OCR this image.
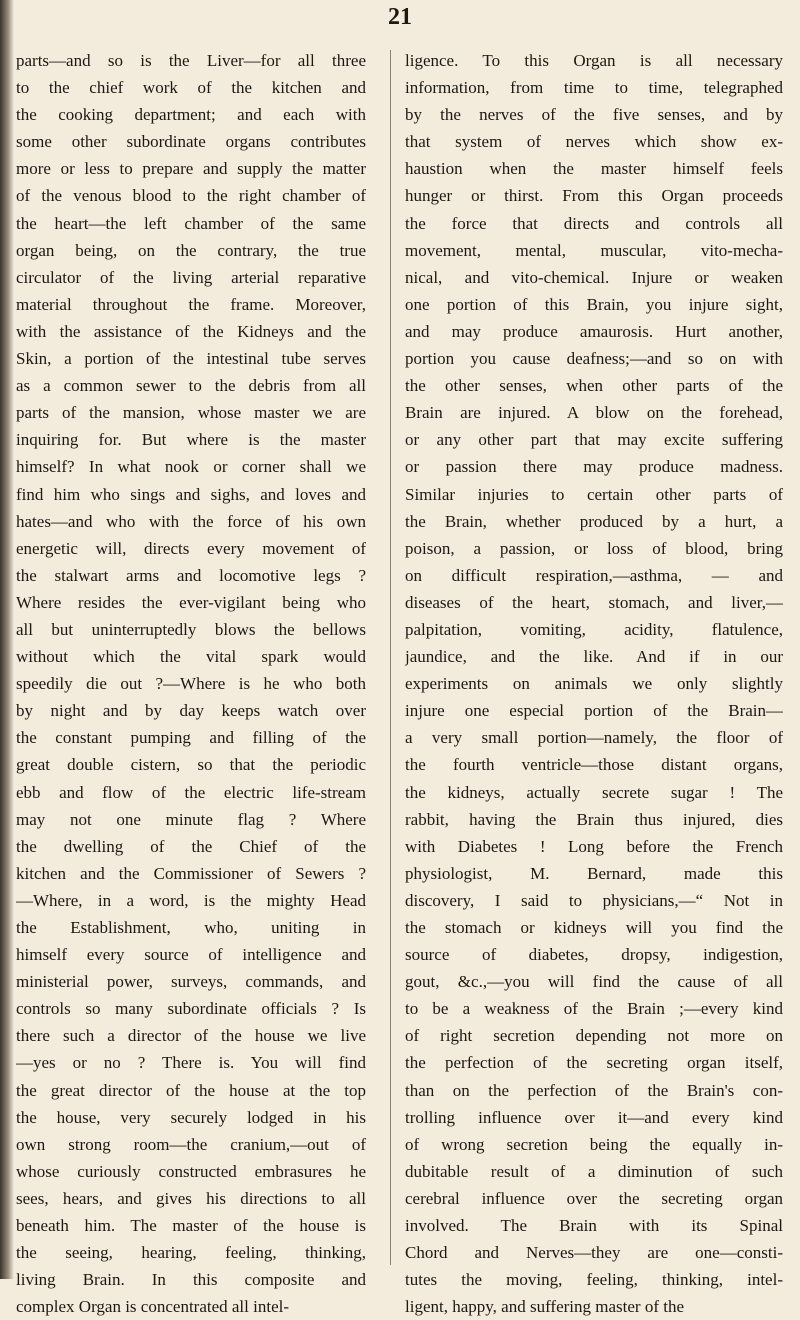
21
parts—and so is the Liver—for all three
to the chief work of the kitchen and
the cooking department; and each with
some other subordinate organs contributes
more or less to prepare and supply the matter
of the venous blood to the right chamber of
the heart—the left chamber of the same
organ being, on the contrary, the true
circulator of the living arterial reparative
material throughout the frame. Moreover,
with the assistance of the Kidneys and the
Skin, a portion of the intestinal tube serves
as a common sewer to the debris from all
parts of the mansion, whose master we are
inquiring for. But where is the master
himself? In what nook or corner shall we
find him who sings and sighs, and loves and
hates—and who with the force of his own
energetic will, directs every movement of
the stalwart arms and locomotive legs ?
Where resides the ever-vigilant being who
all but uninterruptedly blows the bellows
without which the vital spark would
speedily die out ?—Where is he who both
by night and by day keeps watch over
the constant pumping and filling of the
great double cistern, so that the periodic
ebb and flow of the electric life-stream
may not one minute flag ? Where
the dwelling of the Chief of the
kitchen and the Commissioner of Sewers ?
—Where, in a word, is the mighty Head
the Establishment, who, uniting in
himself every source of intelligence and
ministerial power, surveys, commands, and
controls so many subordinate officials ? Is
there such a director of the house we live
—yes or no ? There is. You will find
the great director of the house at the top
the house, very securely lodged in his
own strong room—the cranium,—out of
whose curiously constructed embrasures he
sees, hears, and gives his directions to all
beneath him. The master of the house is
the seeing, hearing, feeling, thinking,
living Brain. In this composite and
complex Organ is concentrated all intel-
ligence. To this Organ is all necessary
information, from time to time, telegraphed
by the nerves of the five senses, and by
that system of nerves which show ex-
haustion when the master himself feels
hunger or thirst. From this Organ proceeds
the force that directs and controls all
movement, mental, muscular, vito-mecha-
nical, and vito-chemical. Injure or weaken
one portion of this Brain, you injure sight,
and may produce amaurosis. Hurt another,
portion you cause deafness;—and so on with
the other senses, when other parts of the
Brain are injured. A blow on the forehead,
or any other part that may excite suffering
or passion there may produce madness.
Similar injuries to certain other parts of
the Brain, whether produced by a hurt, a
poison, a passion, or loss of blood, bring
on difficult respiration,—asthma, — and
diseases of the heart, stomach, and liver,—
palpitation, vomiting, acidity, flatulence,
jaundice, and the like. And if in our
experiments on animals we only slightly
injure one especial portion of the Brain—
a very small portion—namely, the floor of
the fourth ventricle—those distant organs,
the kidneys, actually secrete sugar ! The
rabbit, having the Brain thus injured, dies
with Diabetes ! Long before the French
physiologist, M. Bernard, made this
discovery, I said to physicians,—“ Not in
the stomach or kidneys will you find the
source of diabetes, dropsy, indigestion,
gout, &c.,—you will find the cause of all
to be a weakness of the Brain ;—every kind
of right secretion depending not more on
the perfection of the secreting organ itself,
than on the perfection of the Brain's con-
trolling influence over it—and every kind
of wrong secretion being the equally in-
dubitable result of a diminution of such
cerebral influence over the secreting organ
involved. The Brain with its Spinal
Chord and Nerves—they are one—consti-
tutes the moving, feeling, thinking, intel-
ligent, happy, and suffering master of the
